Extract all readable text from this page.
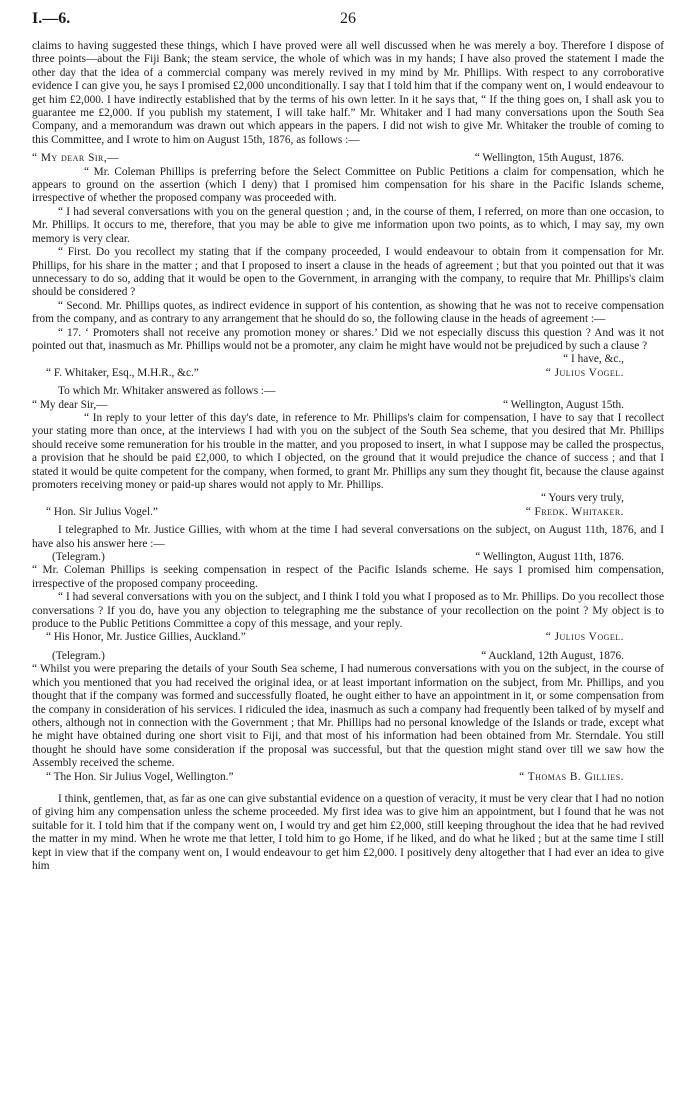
I.—6.	26

claims to having suggested these things, which I have proved were all well discussed when he was merely a boy. Therefore I dispose of three points—about the Fiji Bank; the steam service, the whole of which was in my hands; I have also proved the statement I made the other day that the idea of a commercial company was merely revived in my mind by Mr. Phillips. With respect to any corroborative evidence I can give you, he says I promised £2,000 unconditionally. I say that I told him that if the company went on, I would endeavour to get him £2,000. I have indirectly established that by the terms of his own letter. In it he says that, “ If the thing goes on, I shall ask you to guarantee me £2,000. If you publish my statement, I will take half.” Mr. Whitaker and I had many conversations upon the South Sea Company, and a memorandum was drawn out which appears in the papers. I did not wish to give Mr. Whitaker the trouble of coming to this Committee, and I wrote to him on August 15th, 1876, as follows :—

“ My dear Sir,—	“ Wellington, 15th August, 1876.

“ Mr. Coleman Phillips is preferring before the Select Committee on Public Petitions a claim for compensation, which he appears to ground on the assertion (which I deny) that I promised him compensation for his share in the Pacific Islands scheme, irrespective of whether the proposed company was proceeded with.

“ I had several conversations with you on the general question ; and, in the course of them, I referred, on more than one occasion, to Mr. Phillips. It occurs to me, therefore, that you may be able to give me information upon two points, as to which, I may say, my own memory is very clear.

“ First. Do you recollect my stating that if the company proceeded, I would endeavour to obtain from it compensation for Mr. Phillips, for his share in the matter ; and that I proposed to insert a clause in the heads of agreement ; but that you pointed out that it was unnecessary to do so, adding that it would be open to the Government, in arranging with the company, to require that Mr. Phillips's claim should be considered ?

“ Second. Mr. Phillips quotes, as indirect evidence in support of his contention, as showing that he was not to receive compensation from the company, and as contrary to any arrangement that he should do so, the following clause in the heads of agreement :—

“ 17. ‘ Promoters shall not receive any promotion money or shares.’ Did we not especially discuss this question ? And was it not pointed out that, inasmuch as Mr. Phillips would not be a promoter, any claim he might have would not be prejudiced by such a clause ?

“ I have, &c.,

“ F. Whitaker, Esq., M.H.R., &c.”	“ Julius Vogel.

To which Mr. Whitaker answered as follows :—

“ My dear Sir,—	“ Wellington, August 15th.

“ In reply to your letter of this day's date, in reference to Mr. Phillips's claim for compensation, I have to say that I recollect your stating more than once, at the interviews I had with you on the subject of the South Sea scheme, that you desired that Mr. Phillips should receive some remuneration for his trouble in the matter, and you proposed to insert, in what I suppose may be called the prospectus, a provision that he should be paid £2,000, to which I objected, on the ground that it would prejudice the chance of success ; and that I stated it would be quite competent for the company, when formed, to grant Mr. Phillips any sum they thought fit, because the clause against promoters receiving money or paid-up shares would not apply to Mr. Phillips.

“ Yours very truly,

“ Hon. Sir Julius Vogel.”	“ Fredk. Whitaker.

I telegraphed to Mr. Justice Gillies, with whom at the time I had several conversations on the subject, on August 11th, 1876, and I have also his answer here :—

(Telegram.)	“ Wellington, August 11th, 1876.

“ Mr. Coleman Phillips is seeking compensation in respect of the Pacific Islands scheme. He says I promised him compensation, irrespective of the proposed company proceeding.

“ I had several conversations with you on the subject, and I think I told you what I proposed as to Mr. Phillips. Do you recollect those conversations ? If you do, have you any objection to telegraphing me the substance of your recollection on the point ? My object is to produce to the Public Petitions Committee a copy of this message, and your reply.

“ His Honor, Mr. Justice Gillies, Auckland.”	“ Julius Vogel.
(Telegram.)	“ Auckland, 12th August, 1876.

“ Whilst you were preparing the details of your South Sea scheme, I had numerous conversations with you on the subject, in the course of which you mentioned that you had received the original idea, or at least important information on the subject, from Mr. Phillips, and you thought that if the company was formed and successfully floated, he ought either to have an appointment in it, or some compensation from the company in consideration of his services. I ridiculed the idea, inasmuch as such a company had frequently been talked of by myself and others, although not in connection with the Government ; that Mr. Phillips had no personal knowledge of the Islands or trade, except what he might have obtained during one short visit to Fiji, and that most of his information had been obtained from Mr. Sterndale. You still thought he should have some consideration if the proposal was successful, but that the question might stand over till we saw how the Assembly received the scheme.

“ The Hon. Sir Julius Vogel, Wellington.”	“ Thomas B. Gillies.

I think, gentlemen, that, as far as one can give substantial evidence on a question of veracity, it must be very clear that I had no notion of giving him any compensation unless the scheme proceeded. My first idea was to give him an appointment, but I found that he was not suitable for it. I told him that if the company went on, I would try and get him £2,000, still keeping throughout the idea that he had revived the matter in my mind. When he wrote me that letter, I told him to go Home, if he liked, and do what he liked ; but at the same time I still kept in view that if the company went on, I would endeavour to get him £2,000. I positively deny altogether that I had ever an idea to give him
